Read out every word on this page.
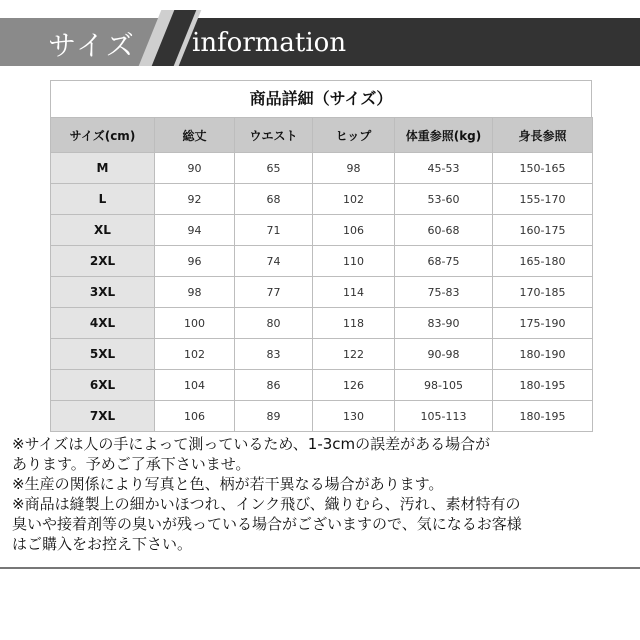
サイズ information
商品詳細（サイズ）
サイズ(cm)	総丈	ウエスト	ヒップ	体重参照(kg)	身長参照
M	90	65	98	45-53	150-165
L	92	68	102	53-60	155-170
XL	94	71	106	60-68	160-175
2XL	96	74	110	68-75	165-180
3XL	98	77	114	75-83	170-185
4XL	100	80	118	83-90	175-190
5XL	102	83	122	90-98	180-190
6XL	104	86	126	98-105	180-195
7XL	106	89	130	105-113	180-195

※サイズは人の手によって測っているため、1-3cmの誤差がある場合が

あります。予めご了承下さいませ。

※生産の関係により写真と色、柄が若干異なる場合があります。

※商品は縫製上の細かいほつれ、インク飛び、織りむら、汚れ、素材特有の

臭いや接着剤等の臭いが残っている場合がございますので、気になるお客様

はご購入をお控え下さい。
